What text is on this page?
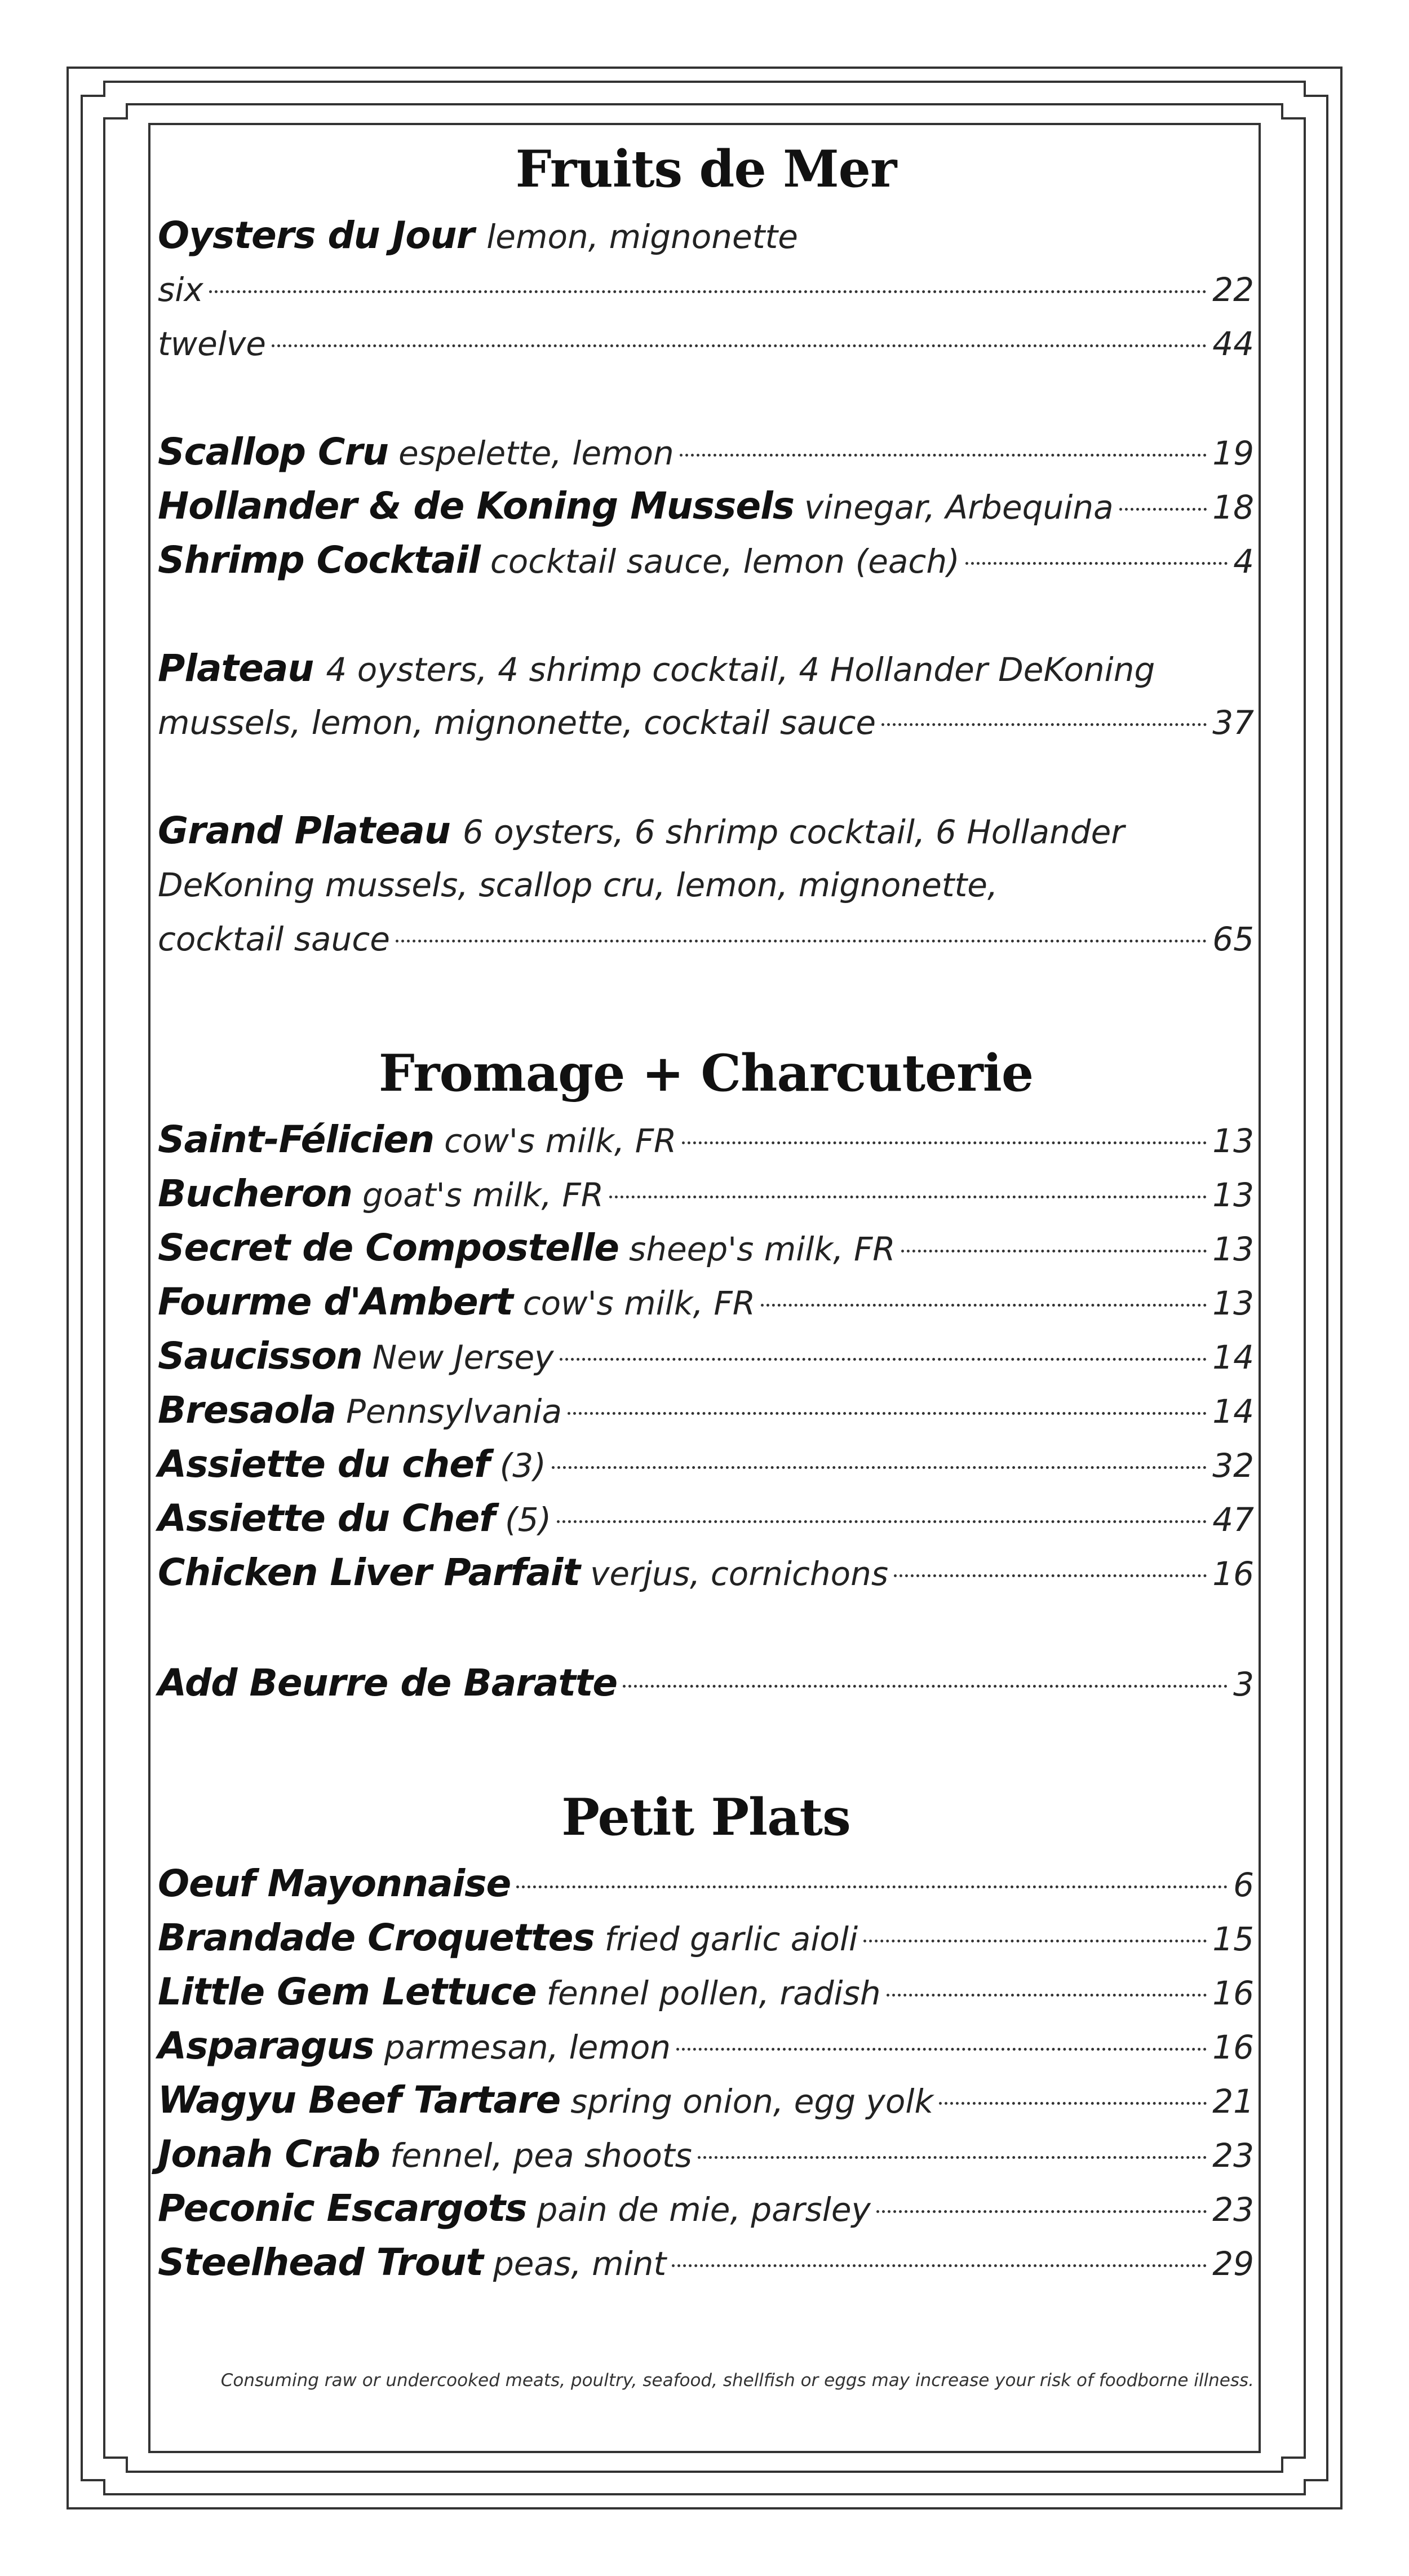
Fruits de Mer
Oysters du Jour lemon, mignonette
six	22
twelve	44
Scallop Cru espelette, lemon	19
Hollander & de Koning Mussels vinegar, Arbequina	18
Shrimp Cocktail cocktail sauce, lemon (each)	4
Plateau 4 oysters, 4 shrimp cocktail, 4 Hollander DeKoning
mussels, lemon, mignonette, cocktail sauce	37
Grand Plateau 6 oysters, 6 shrimp cocktail, 6 Hollander
DeKoning mussels, scallop cru, lemon, mignonette,
cocktail sauce	65
Fromage + Charcuterie
Saint-Félicien cow's milk, FR	13
Bucheron goat's milk, FR	13
Secret de Compostelle sheep's milk, FR	13
Fourme d'Ambert cow's milk, FR	13
Saucisson New Jersey	14
Bresaola Pennsylvania	14
Assiette du chef (3)	32
Assiette du Chef (5)	47
Chicken Liver Parfait verjus, cornichons	16
Add Beurre de Baratte	3
Petit Plats
Oeuf Mayonnaise	6
Brandade Croquettes fried garlic aioli	15
Little Gem Lettuce fennel pollen, radish	16
Asparagus parmesan, lemon	16
Wagyu Beef Tartare spring onion, egg yolk	21
Jonah Crab fennel, pea shoots	23
Peconic Escargots pain de mie, parsley	23
Steelhead Trout peas, mint	29
Consuming raw or undercooked meats, poultry, seafood, shellfish or eggs may increase your risk of foodborne illness.
